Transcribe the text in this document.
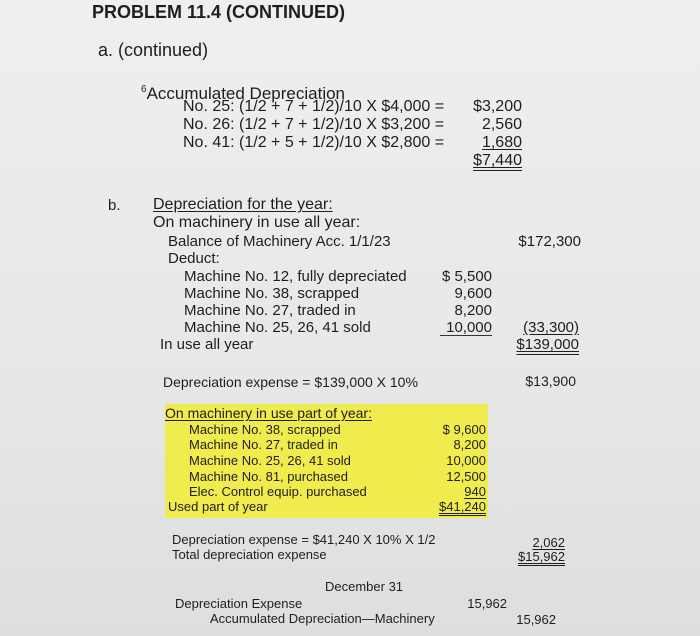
PROBLEM 11.4 (CONTINUED)
a. (continued)
$^6$Accumulated Depreciation
No. 25: (1/2 + 7 + 1/2)/10 X $4,000 = $3,200
No. 26: (1/2 + 7 + 1/2)/10 X $3,200 = 2,560
No. 41: (1/2 + 5 + 1/2)/10 X $2,800 = 1,680
$7,440
b. Depreciation for the year:
On machinery in use all year:
Balance of Machinery Acc. 1/1/23	$172,300
Deduct:
Machine No. 12, fully depreciated $ 5,500
Machine No. 38, scrapped	9,600
Machine No. 27, traded in	8,200
Machine No. 25, 26, 41 sold	10,000 (33,300)
In use all year	$139,000
Depreciation expense = $139,000 X 10%	$13,900
On machinery in use part of year:
Machine No. 38, scrapped	$ 9,600
Machine No. 27, traded in	8,200
Machine No. 25, 26, 41 sold	10,000
Machine No. 81, purchased	12,500
Elec. Control equip. purchased	940
Used part of year	$41,240
Depreciation expense = $41,240 X 10% X 1/2	2,062
Total depreciation expense	$15,962
December 31
Depreciation Expense	15,962
Accumulated Depreciation—Machinery	15,962
